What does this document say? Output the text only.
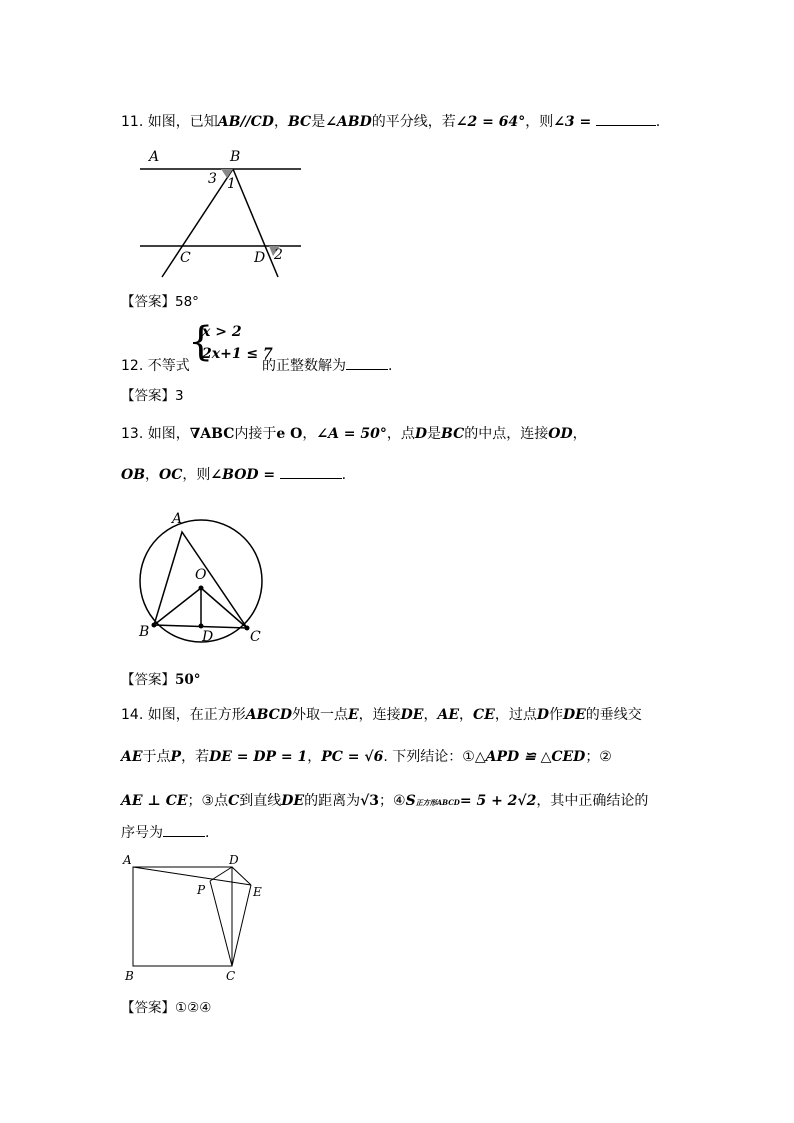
11. 如图，已知AB//CD，BC是∠ABD的平分线，若∠2 = 64°，则∠3 =	.
A	B
3 1
C	D 2
【答案】58°
{
x > 2
2x+1 ≤ 7
12. 不等式	的正整数解为	.
【答案】3
13. 如图，∇ABC内接于e O，∠A = 50°，点D是BC的中点，连接OD，
OB，OC，则∠BOD =	.
A
O
B	D	C
【答案】50°
14. 如图，在正方形ABCD外取一点E，连接DE，AE，CE，过点D作DE的垂线交
AE于点P，若DE = DP = 1，PC = √6. 下列结论：①△APD ≌ △CED；②
AE ⊥ CE；③点C到直线DE的距离为√3；④S正方形ABCD= 5 + 2√2，其中正确结论的
序号为	.
A	D
P	E
B	C
【答案】①②④
